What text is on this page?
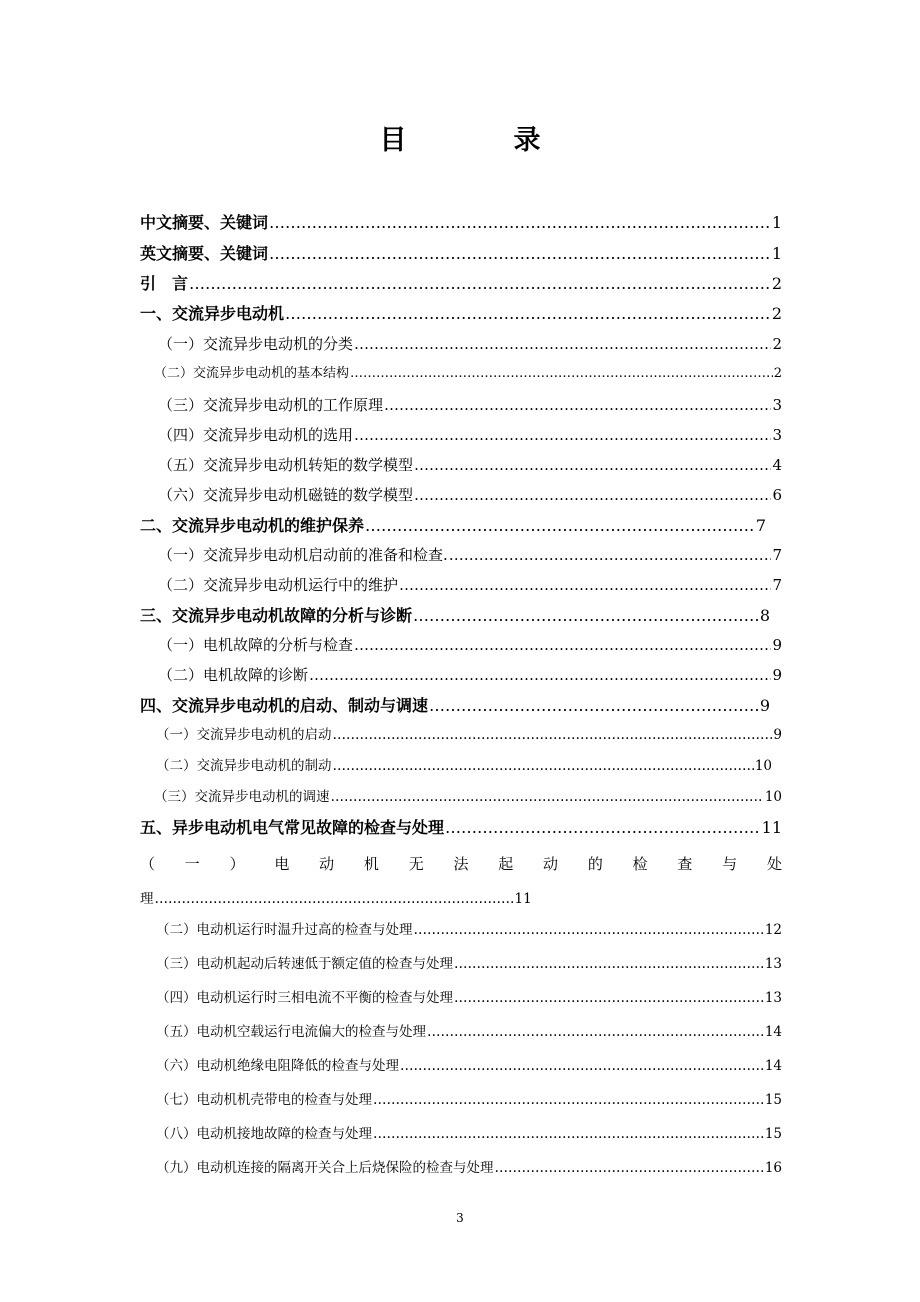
目　录
中文摘要、关键词 …………………………………………………………………………………………………………………………………………………………………………………………………………………………	1
英文摘要、关键词 …………………………………………………………………………………………………………………………………………………………………………………………………………………………	1
引　言 …………………………………………………………………………………………………………………………………………………………………………………………………………………………	2
一、交流异步电动机 …………………………………………………………………………………………………………………………………………………………………………………………………………………………	2
（一）交流异步电动机的分类 …………………………………………………………………………………………………………………………………………………………………………………………………………………………	2
（二）交流异步电动机的基本结构 …………………………………………………………………………………………………………………………………………………………………………………………………………………………	2
（三）交流异步电动机的工作原理 …………………………………………………………………………………………………………………………………………………………………………………………………………………………	3
（四）交流异步电动机的选用 …………………………………………………………………………………………………………………………………………………………………………………………………………………………	3
（五）交流异步电动机转矩的数学模型 …………………………………………………………………………………………………………………………………………………………………………………………………………………………	4
（六）交流异步电动机磁链的数学模型 …………………………………………………………………………………………………………………………………………………………………………………………………………………………	6
二、交流异步电动机的维护保养 …………………………………………………………………………………………………………………………………………………………………………………………………………………………	7
（一）交流异步电动机启动前的准备和检查. …………………………………………………………………………………………………………………………………………………………………………………………………………………………	7
（二）交流异步电动机运行中的维护 …………………………………………………………………………………………………………………………………………………………………………………………………………………………	7
三、交流异步电动机故障的分析与诊断 …………………………………………………………………………………………………………………………………………………………………………………………………………………………	8
（一）电机故障的分析与检查 …………………………………………………………………………………………………………………………………………………………………………………………………………………………	9
（二）电机故障的诊断 …………………………………………………………………………………………………………………………………………………………………………………………………………………………	9
四、交流异步电动机的启动、制动与调速 …………………………………………………………………………………………………………………………………………………………………………………………………………………………	9
（一）交流异步电动机的启动 …………………………………………………………………………………………………………………………………………………………………………………………………………………………	9
（二）交流异步电动机的制动 …………………………………………………………………………………………………………………………………………………………………………………………………………………………	10
（三）交流异步电动机的调速 …………………………………………………………………………………………………………………………………………………………………………………………………………………………	10
五、异步电动机电气常见故障的检查与处理 …………………………………………………………………………………………………………………………………………………………………………………………………………………………	11
（ 一 ） 电 动 机 无 法 起 动 的 检 查 与 处
理 ……………………………………………………………………………………………………………………………	11
（二）电动机运行时温升过高的检查与处理 …………………………………………………………………………………………………………………………………………………………………………………………………………………………	12
（三）电动机起动后转速低于额定值的检查与处理 …………………………………………………………………………………………………………………………………………………………………………………………………………………………	13
（四）电动机运行时三相电流不平衡的检查与处理 …………………………………………………………………………………………………………………………………………………………………………………………………………………………	13
（五）电动机空载运行电流偏大的检查与处理 …………………………………………………………………………………………………………………………………………………………………………………………………………………………	14
（六）电动机绝缘电阻降低的检查与处理 …………………………………………………………………………………………………………………………………………………………………………………………………………………………	14
（七）电动机机壳带电的检查与处理 …………………………………………………………………………………………………………………………………………………………………………………………………………………………	15
（八）电动机接地故障的检查与处理 …………………………………………………………………………………………………………………………………………………………………………………………………………………………	15
（九）电动机连接的隔离开关合上后烧保险的检查与处理 …………………………………………………………………………………………………………………………………………………………………………………………………………………………	16
3
